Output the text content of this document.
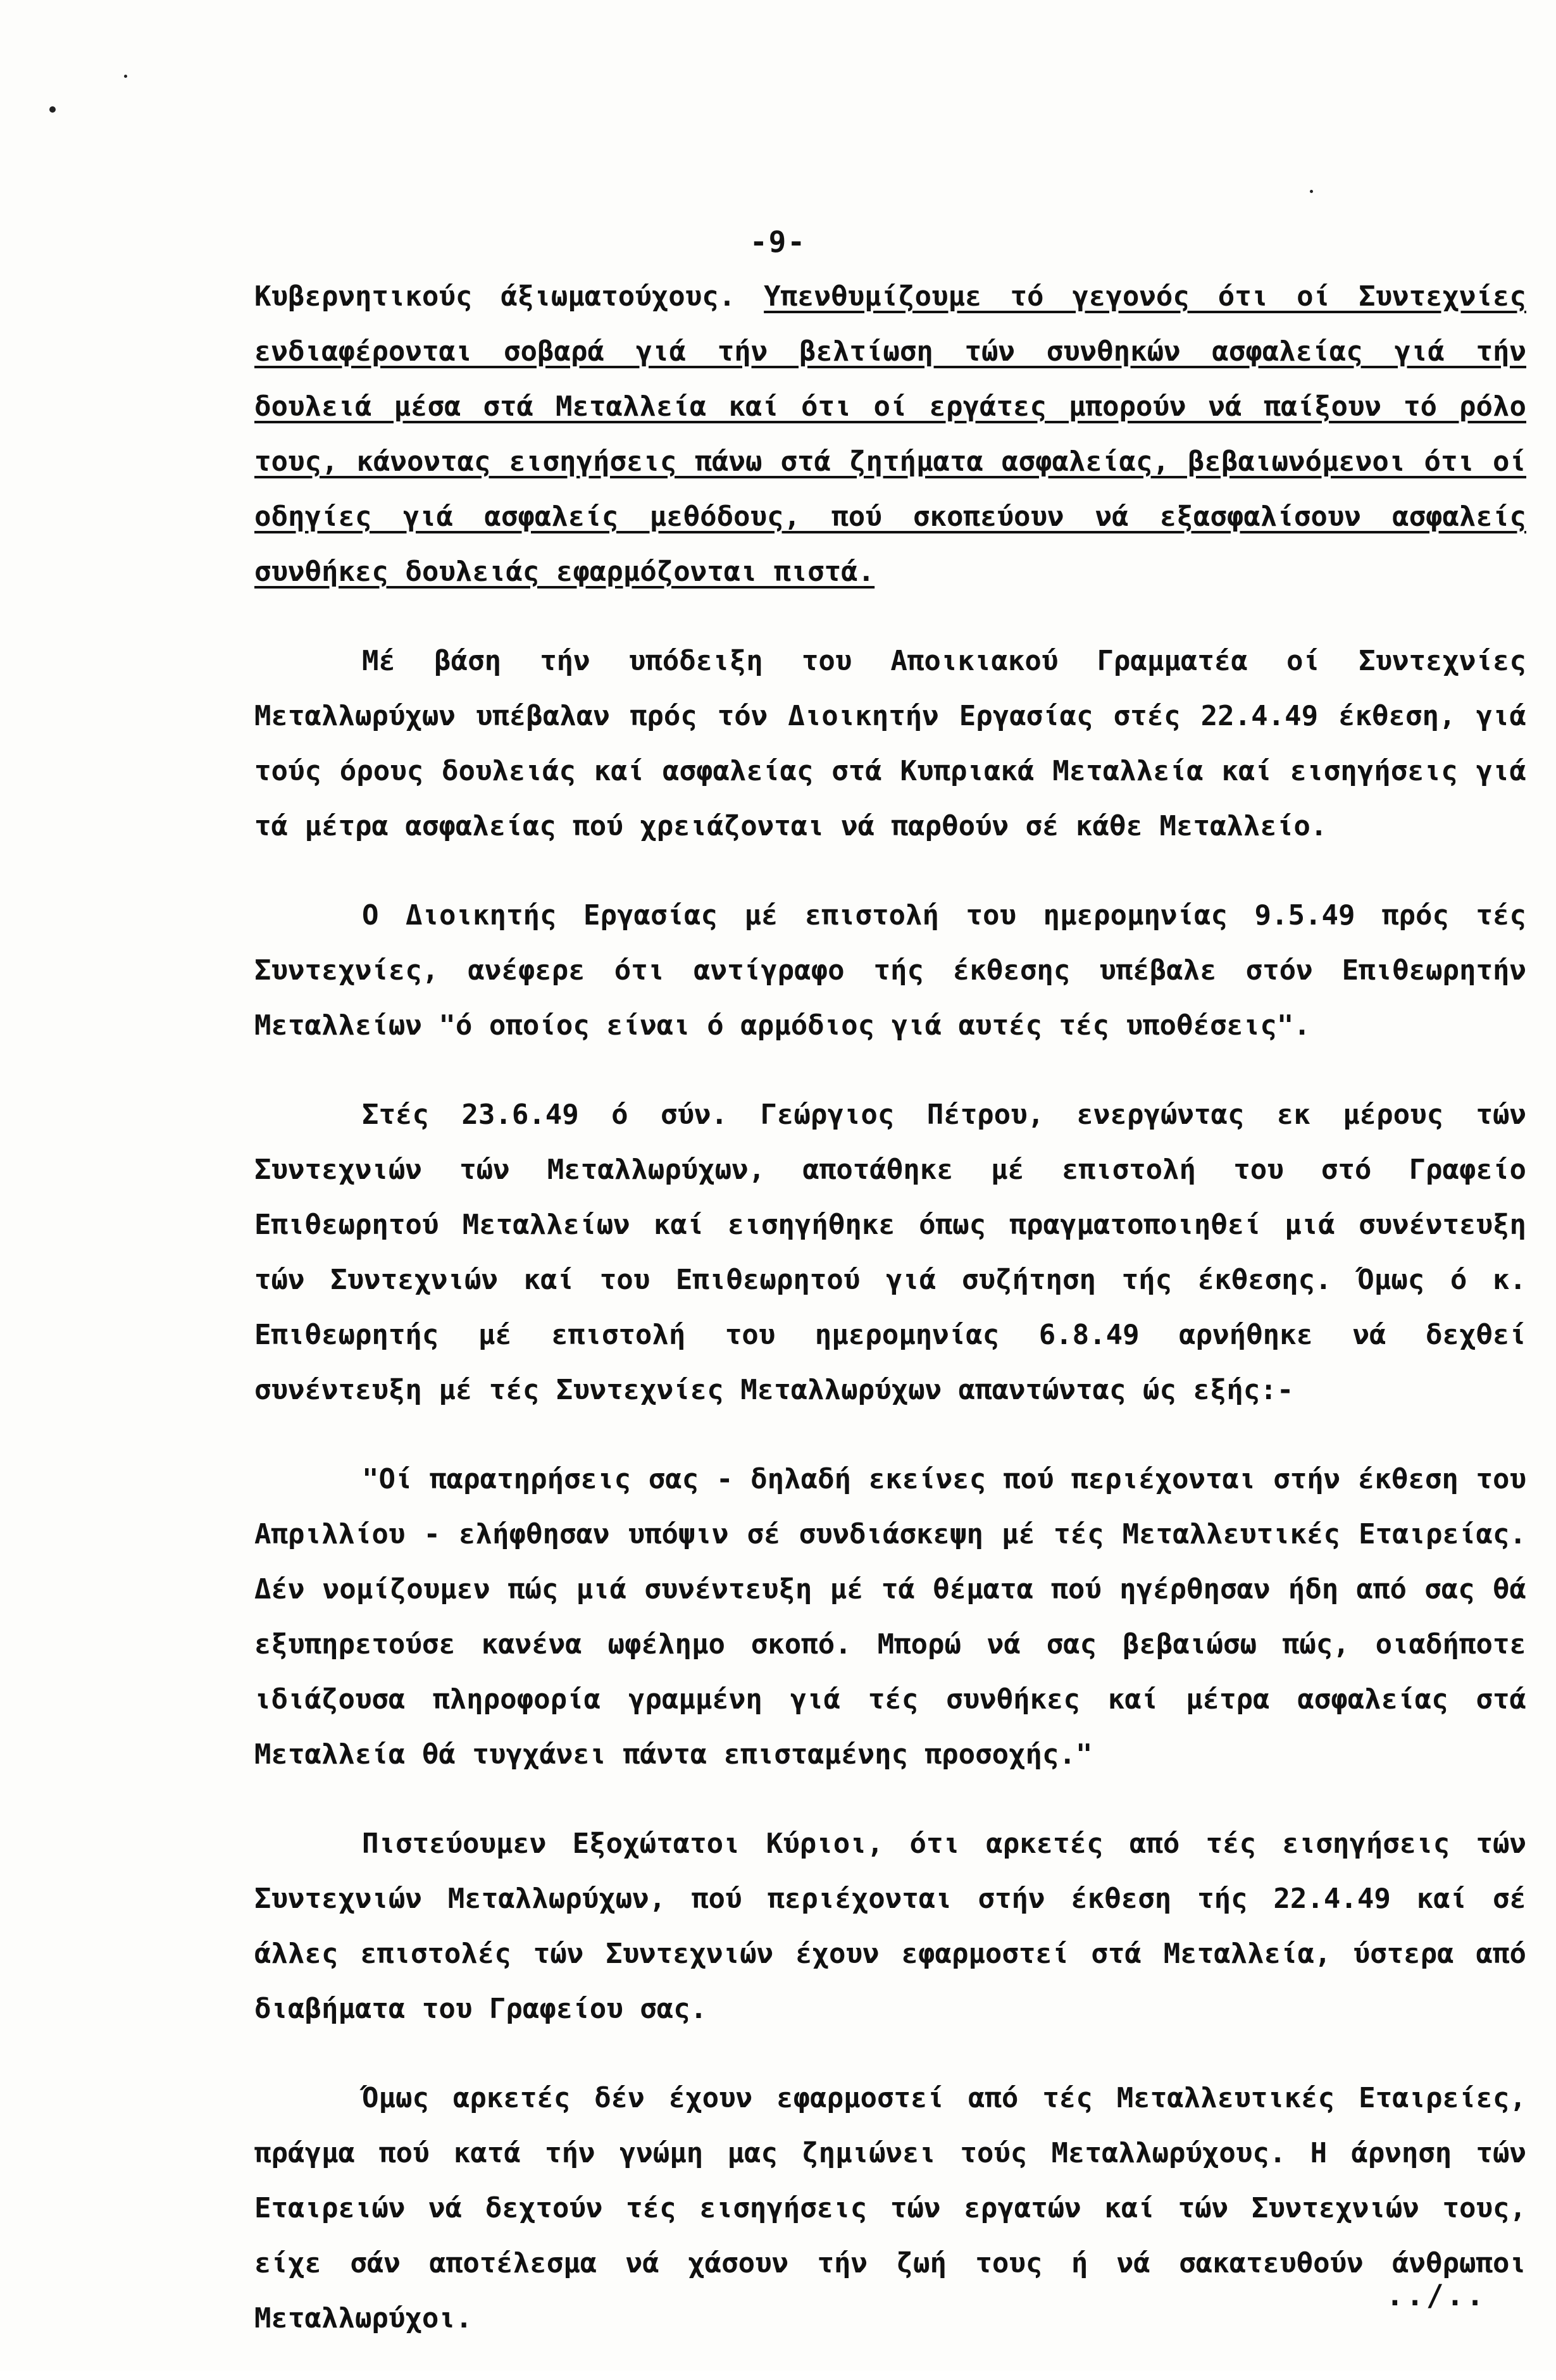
-9-

Κυβερνητικούς άξιωματούχους. Υπενθυμίζουμε τό γεγονός ότι οί Συντεχνίες ενδιαφέρονται σοβαρά γιά τήν βελτίωση τών συνθηκών ασφαλείας γιά τήν δουλειά μέσα στά Μεταλλεία καί ότι οί εργάτες μπορούν νά παίξουν τό ρόλο τους, κάνοντας εισηγήσεις πάνω στά ζητήματα ασφαλείας, βεβαιωνόμενοι ότι οί οδηγίες γιά ασφαλείς μεθόδους, πού σκοπεύουν νά εξασφαλίσουν ασφαλείς συνθήκες δουλειάς εφαρμόζονται πιστά.

Μέ βάση τήν υπόδειξη του Αποικιακού Γραμματέα οί Συντεχνίες Μεταλλωρύχων υπέβαλαν πρός τόν Διοικητήν Εργασίας στές 22.4.49 έκθεση, γιά τούς όρους δουλειάς καί ασφαλείας στά Κυπριακά Μεταλλεία καί εισηγήσεις γιά τά μέτρα ασφαλείας πού χρειάζονται νά παρθούν σέ κάθε Μεταλλείο.

Ο Διοικητής Εργασίας μέ επιστολή του ημερομηνίας 9.5.49 πρός τές Συντεχνίες, ανέφερε ότι αντίγραφο τής έκθεσης υπέβαλε στόν Επιθεωρητήν Μεταλλείων "ό οποίος είναι ό αρμόδιος γιά αυτές τές υποθέσεις".

Στές 23.6.49 ό σύν. Γεώργιος Πέτρου, ενεργώντας εκ μέρους τών Συντεχνιών τών Μεταλλωρύχων, αποτάθηκε μέ επιστολή του στό Γραφείο Επιθεωρητού Μεταλλείων καί εισηγήθηκε όπως πραγματοποιηθεί μιά συνέντευξη τών Συντεχνιών καί του Επιθεωρητού γιά συζήτηση τής έκθεσης. Όμως ό κ. Επιθεωρητής μέ επιστολή του ημερομηνίας 6.8.49 αρνήθηκε νά δεχθεί συνέντευξη μέ τές Συντεχνίες Μεταλλωρύχων απαντώντας ώς εξής:-

"Οί παρατηρήσεις σας - δηλαδή εκείνες πού περιέχονται στήν έκθεση του Απριλλίου - ελήφθησαν υπόψιν σέ συνδιάσκεψη μέ τές Μεταλλευτικές Εταιρείας. Δέν νομίζουμεν πώς μιά συνέντευξη μέ τά θέματα πού ηγέρθησαν ήδη από σας θά εξυπηρετούσε κανένα ωφέλημο σκοπό. Μπορώ νά σας βεβαιώσω πώς, οιαδήποτε ιδιάζουσα πληροφορία γραμμένη γιά τές συνθήκες καί μέτρα ασφαλείας στά Μεταλλεία θά τυγχάνει πάντα επισταμένης προσοχής."

Πιστεύουμεν Εξοχώτατοι Κύριοι, ότι αρκετές από τές εισηγήσεις τών Συντεχνιών Μεταλλωρύχων, πού περιέχονται στήν έκθεση τής 22.4.49 καί σέ άλλες επιστολές τών Συντεχνιών έχουν εφαρμοστεί στά Μεταλλεία, ύστερα από διαβήματα του Γραφείου σας.

Όμως αρκετές δέν έχουν εφαρμοστεί από τές Μεταλλευτικές Εταιρείες, πράγμα πού κατά τήν γνώμη μας ζημιώνει τούς Μεταλλωρύχους. Η άρνηση τών Εταιρειών νά δεχτούν τές εισηγήσεις τών εργατών καί τών Συντεχνιών τους, είχε σάν αποτέλεσμα νά χάσουν τήν ζωή τους ή νά σακατευθούν άνθρωποι Μεταλλωρύχοι.

../..
